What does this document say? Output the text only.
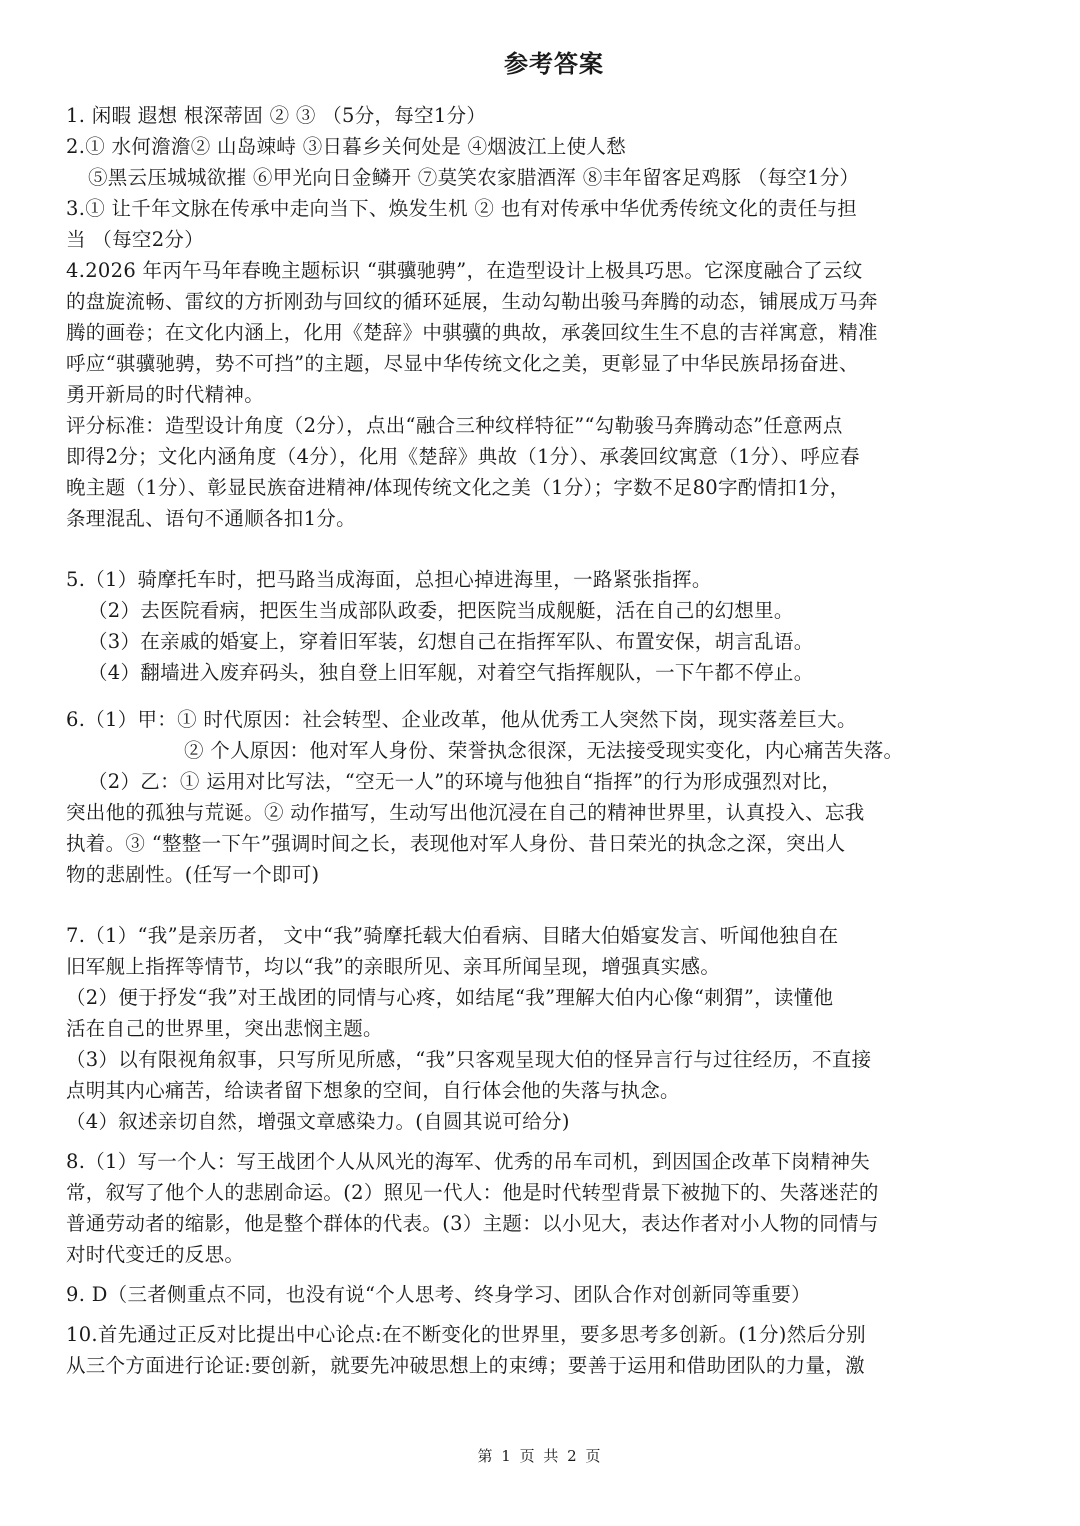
参考答案
1. 闲暇 遐想 根深蒂固 ② ③ （5分，每空1分）
2.① 水何澹澹② 山岛竦峙 ③日暮乡关何处是 ④烟波江上使人愁
⑤黑云压城城欲摧 ⑥甲光向日金鳞开 ⑦莫笑农家腊酒浑 ⑧丰年留客足鸡豚 （每空1分）
3.① 让千年文脉在传承中走向当下、焕发生机 ② 也有对传承中华优秀传统文化的责任与担
当 （每空2分）
4.2026 年丙午马年春晚主题标识 “骐骥驰骋”，在造型设计上极具巧思。它深度融合了云纹
的盘旋流畅、雷纹的方折刚劲与回纹的循环延展，生动勾勒出骏马奔腾的动态，铺展成万马奔
腾的画卷；在文化内涵上，化用《楚辞》中骐骥的典故，承袭回纹生生不息的吉祥寓意，精准
呼应“骐骥驰骋，势不可挡”的主题，尽显中华传统文化之美，更彰显了中华民族昂扬奋进、
勇开新局的时代精神。
评分标准：造型设计角度（2分），点出“融合三种纹样特征”“勾勒骏马奔腾动态”任意两点
即得2分；文化内涵角度（4分），化用《楚辞》典故（1分）、承袭回纹寓意（1分）、呼应春
晚主题（1分）、彰显民族奋进精神/体现传统文化之美（1分）；字数不足80字酌情扣1分，
条理混乱、语句不通顺各扣1分。
5.（1）骑摩托车时，把马路当成海面，总担心掉进海里，一路紧张指挥。
（2）去医院看病，把医生当成部队政委，把医院当成舰艇，活在自己的幻想里。
（3）在亲戚的婚宴上，穿着旧军装，幻想自己在指挥军队、布置安保，胡言乱语。
（4）翻墙进入废弃码头，独自登上旧军舰，对着空气指挥舰队，一下午都不停止。
6.（1）甲：① 时代原因：社会转型、企业改革，他从优秀工人突然下岗，现实落差巨大。
② 个人原因：他对军人身份、荣誉执念很深，无法接受现实变化，内心痛苦失落。
（2）乙：① 运用对比写法，“空无一人”的环境与他独自“指挥”的行为形成强烈对比，
突出他的孤独与荒诞。② 动作描写，生动写出他沉浸在自己的精神世界里，认真投入、忘我
执着。③ “整整一下午”强调时间之长，表现他对军人身份、昔日荣光的执念之深，突出人
物的悲剧性。(任写一个即可)
7.（1）“我”是亲历者， 文中“我”骑摩托载大伯看病、目睹大伯婚宴发言、听闻他独自在
旧军舰上指挥等情节，均以“我”的亲眼所见、亲耳所闻呈现，增强真实感。
（2）便于抒发“我”对王战团的同情与心疼，如结尾“我”理解大伯内心像“刺猬”，读懂他
活在自己的世界里，突出悲悯主题。
（3）以有限视角叙事，只写所见所感，“我”只客观呈现大伯的怪异言行与过往经历，不直接
点明其内心痛苦，给读者留下想象的空间，自行体会他的失落与执念。
（4）叙述亲切自然，增强文章感染力。(自圆其说可给分)
8.（1）写一个人：写王战团个人从风光的海军、优秀的吊车司机，到因国企改革下岗精神失
常，叙写了他个人的悲剧命运。(2）照见一代人：他是时代转型背景下被抛下的、失落迷茫的
普通劳动者的缩影，他是整个群体的代表。(3）主题：以小见大，表达作者对小人物的同情与
对时代变迁的反思。
9. D（三者侧重点不同，也没有说“个人思考、终身学习、团队合作对创新同等重要）
10.首先通过正反对比提出中心论点:在不断变化的世界里，要多思考多创新。(1分)然后分别
从三个方面进行论证:要创新，就要先冲破思想上的束缚；要善于运用和借助团队的力量，激
第 1 页 共 2 页
